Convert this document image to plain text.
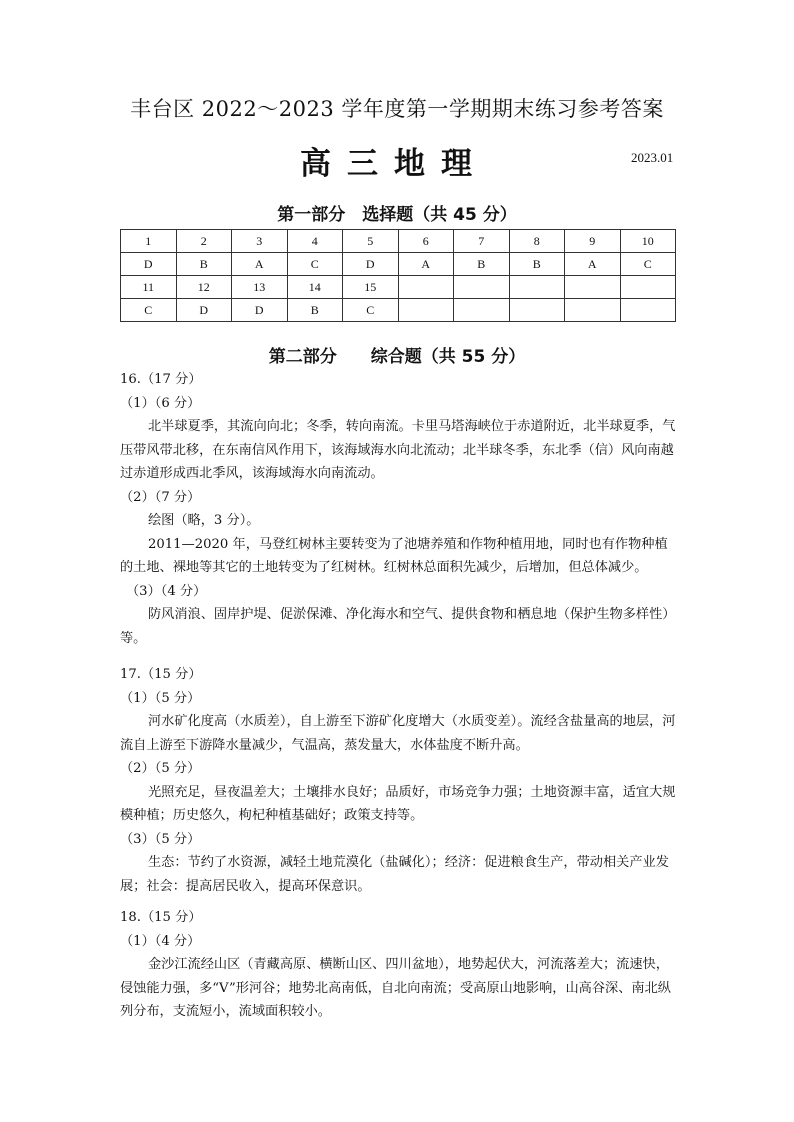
丰台区 2022～2023 学年度第一学期期末练习参考答案
高三地理	2023.01
第一部分　选择题（共 45 分）
1	2	3	4	5	6	7	8	9	10
D	B	A	C	D	A	B	B	A	C
11	12	13	14	15					
C	D	D	B	C					
第二部分　　综合题（共 55 分）

16.（17 分）

（1）（6 分）

北半球夏季，其流向向北；冬季，转向南流。卡里马塔海峡位于赤道附近，北半球夏季，气压带风带北移，在东南信风作用下，该海域海水向北流动；北半球冬季，东北季（信）风向南越过赤道形成西北季风，该海域海水向南流动。

（2）（7 分）

绘图（略，3 分）。

2011—2020 年，马登红树林主要转变为了池塘养殖和作物种植用地，同时也有作物种植的土地、裸地等其它的土地转变为了红树林。红树林总面积先减少，后增加，但总体减少。

（3）（4 分）

防风消浪、固岸护堤、促淤保滩、净化海水和空气、提供食物和栖息地（保护生物多样性）等。

17.（15 分）

（1）（5 分）

河水矿化度高（水质差），自上游至下游矿化度增大（水质变差）。流经含盐量高的地层，河流自上游至下游降水量减少，气温高，蒸发量大，水体盐度不断升高。

（2）（5 分）

光照充足，昼夜温差大；土壤排水良好；品质好，市场竞争力强；土地资源丰富，适宜大规模种植；历史悠久，枸杞种植基础好；政策支持等。

（3）（5 分）

生态：节约了水资源，减轻土地荒漠化（盐碱化）；经济：促进粮食生产，带动相关产业发展；社会：提高居民收入，提高环保意识。

18.（15 分）

（1）（4 分）

金沙江流经山区（青藏高原、横断山区、四川盆地），地势起伏大，河流落差大；流速快，侵蚀能力强，多“V”形河谷；地势北高南低，自北向南流；受高原山地影响，山高谷深、南北纵列分布，支流短小，流域面积较小。
